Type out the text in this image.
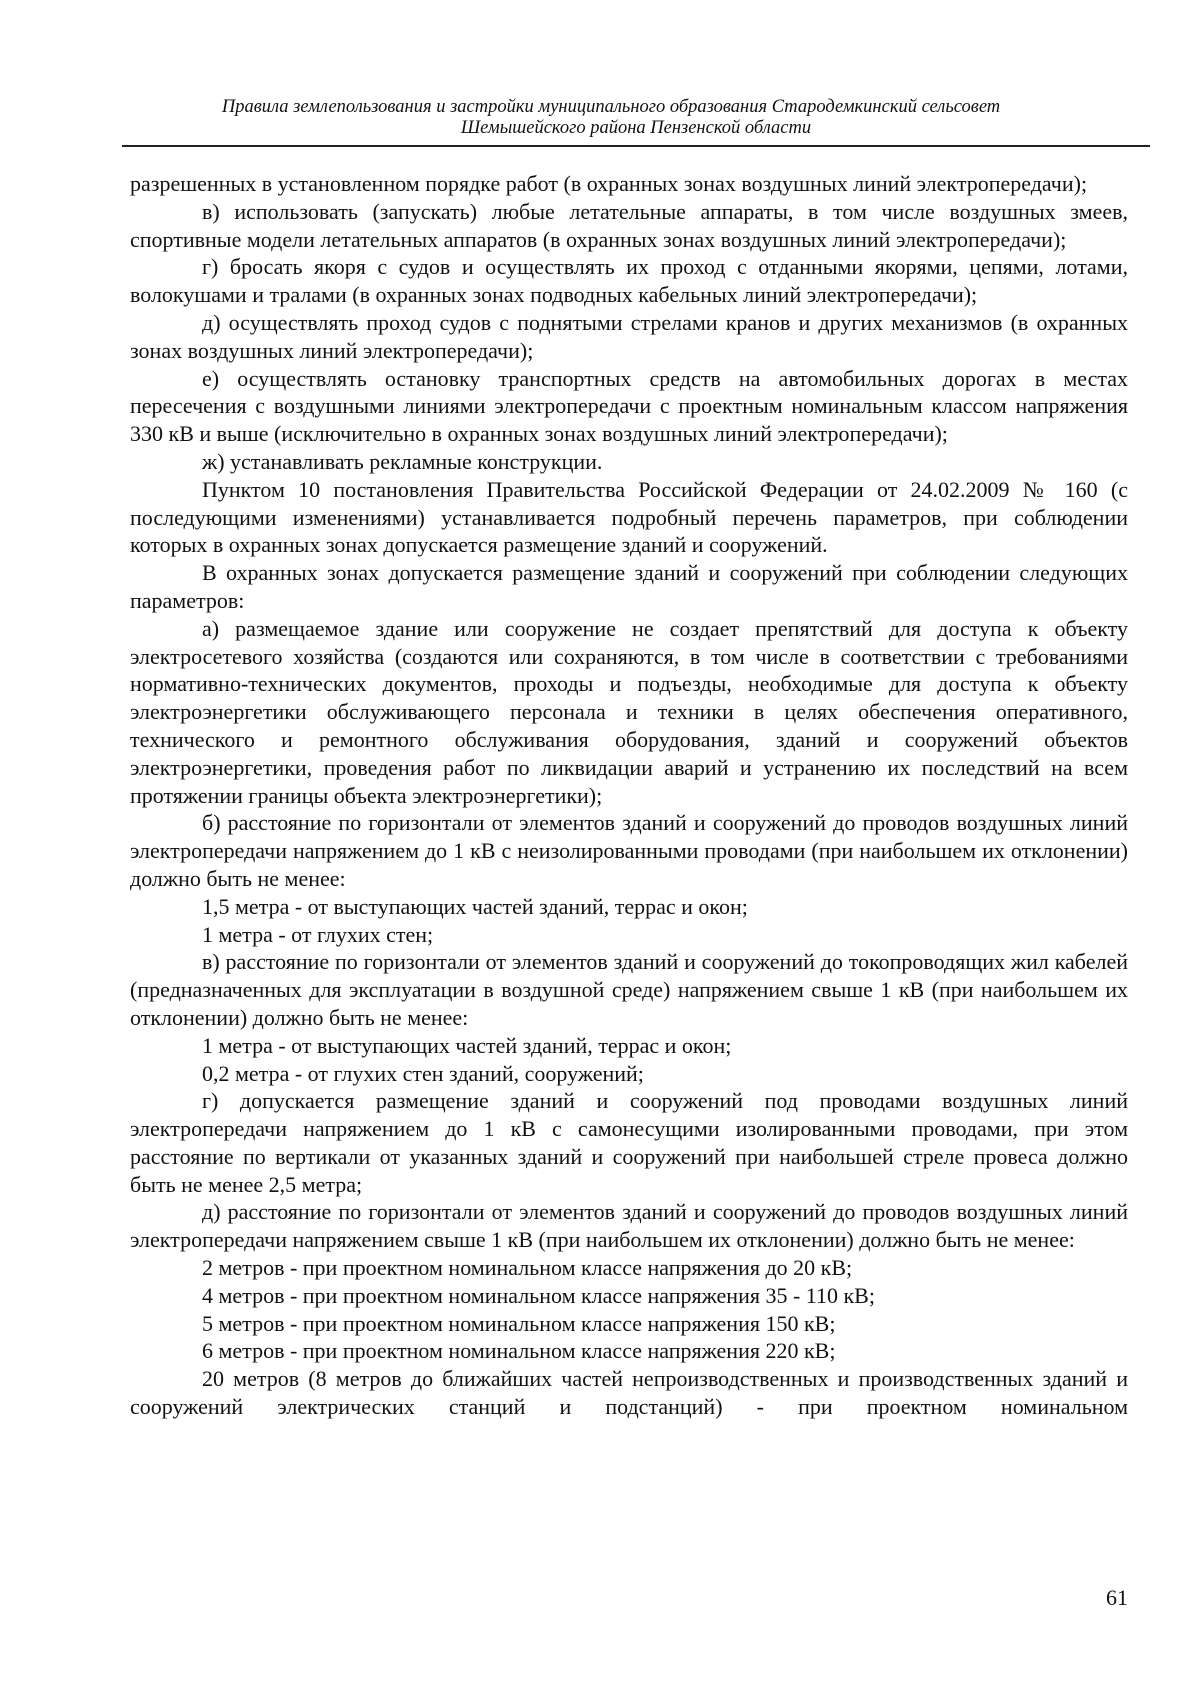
Правила землепользования и застройки муниципального образования Стародемкинский сельсовет
Шемышейского района Пензенской области

разрешенных в установленном порядке работ (в охранных зонах воздушных линий электропередачи);

в) использовать (запускать) любые летательные аппараты, в том числе воздушных змеев, спортивные модели летательных аппаратов (в охранных зонах воздушных линий электропередачи);

г) бросать якоря с судов и осуществлять их проход с отданными якорями, цепями, лотами, волокушами и тралами (в охранных зонах подводных кабельных линий электропередачи);

д) осуществлять проход судов с поднятыми стрелами кранов и других механизмов (в охранных зонах воздушных линий электропередачи);

е) осуществлять остановку транспортных средств на автомобильных дорогах в местах пересечения с воздушными линиями электропередачи с проектным номинальным классом напряжения 330 кВ и выше (исключительно в охранных зонах воздушных линий электропередачи);

ж) устанавливать рекламные конструкции.

Пунктом 10 постановления Правительства Российской Федерации от 24.02.2009 № 160 (с последующими изменениями) устанавливается подробный перечень параметров, при соблюдении которых в охранных зонах допускается размещение зданий и сооружений.

В охранных зонах допускается размещение зданий и сооружений при соблюдении следующих параметров:

а) размещаемое здание или сооружение не создает препятствий для доступа к объекту электросетевого хозяйства (создаются или сохраняются, в том числе в соответствии с требованиями нормативно-технических документов, проходы и подъезды, необходимые для доступа к объекту электроэнергетики обслуживающего персонала и техники в целях обеспечения оперативного, технического и ремонтного обслуживания оборудования, зданий и сооружений объектов электроэнергетики, проведения работ по ликвидации аварий и устранению их последствий на всем протяжении границы объекта электроэнергетики);

б) расстояние по горизонтали от элементов зданий и сооружений до проводов воздушных линий электропередачи напряжением до 1 кВ с неизолированными проводами (при наибольшем их отклонении) должно быть не менее:

1,5 метра - от выступающих частей зданий, террас и окон;

1 метра - от глухих стен;

в) расстояние по горизонтали от элементов зданий и сооружений до токопроводящих жил кабелей (предназначенных для эксплуатации в воздушной среде) напряжением свыше 1 кВ (при наибольшем их отклонении) должно быть не менее:

1 метра - от выступающих частей зданий, террас и окон;

0,2 метра - от глухих стен зданий, сооружений;

г) допускается размещение зданий и сооружений под проводами воздушных линий электропередачи напряжением до 1 кВ с самонесущими изолированными проводами, при этом расстояние по вертикали от указанных зданий и сооружений при наибольшей стреле провеса должно быть не менее 2,5 метра;

д) расстояние по горизонтали от элементов зданий и сооружений до проводов воздушных линий электропередачи напряжением свыше 1 кВ (при наибольшем их отклонении) должно быть не менее:

2 метров - при проектном номинальном классе напряжения до 20 кВ;

4 метров - при проектном номинальном классе напряжения 35 - 110 кВ;

5 метров - при проектном номинальном классе напряжения 150 кВ;

6 метров - при проектном номинальном классе напряжения 220 кВ;

20 метров (8 метров до ближайших частей непроизводственных и производственных зданий и сооружений электрических станций и подстанций) - при проектном номинальном

61
